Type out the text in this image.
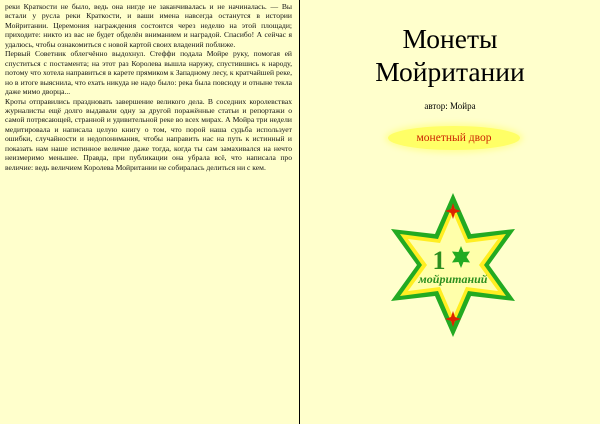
реки Краткости не было, ведь она нигде не заканчивалась и не начиналась. — Вы встали у русла реки Краткости, и ваши имена навсегда останутся в истории Мойритании. Церемония награждения состоится через неделю на этой площади; приходите: никто из вас не будет обделён вниманием и наградой. Спасибо! А сейчас я удалюсь, чтобы ознакомиться с новой картой своих владений поближе.

Первый Советник облегчённо выдохнул. Стеффи подала Мойре руку, помогая ей спуститься с постамента; на этот раз Королева вышла наружу, спустившись к народу, потому что хотела направиться в карете прямиком к Западному лесу, к кратчайшей реке, но в итоге выяснила, что ехать никуда не надо было: река была повсюду и отныне текла даже мимо дворца...

Кроты отправились праздновать завершение великого дела. В соседних королевствах журналисты ещё долго выдавали одну за другой поражённые статьи и репортажи о самой потрясающей, странной и удивительной реке во всех мирах. А Мойра три недели медитировала и написала целую книгу о том, что порой наша судьба использует ошибки, случайности и недопонимания, чтобы направить нас на путь к истинный и показать нам наше истинное величие даже тогда, когда ты сам замахивался на нечто неизмеримо меньшее. Правда, при публикации она убрала всё, что написала про величие: ведь величием Королева Мойритании не собиралась делиться ни с кем.

Монеты
Мойритании
автор: Мойра
монетный двор
1
мойританий
